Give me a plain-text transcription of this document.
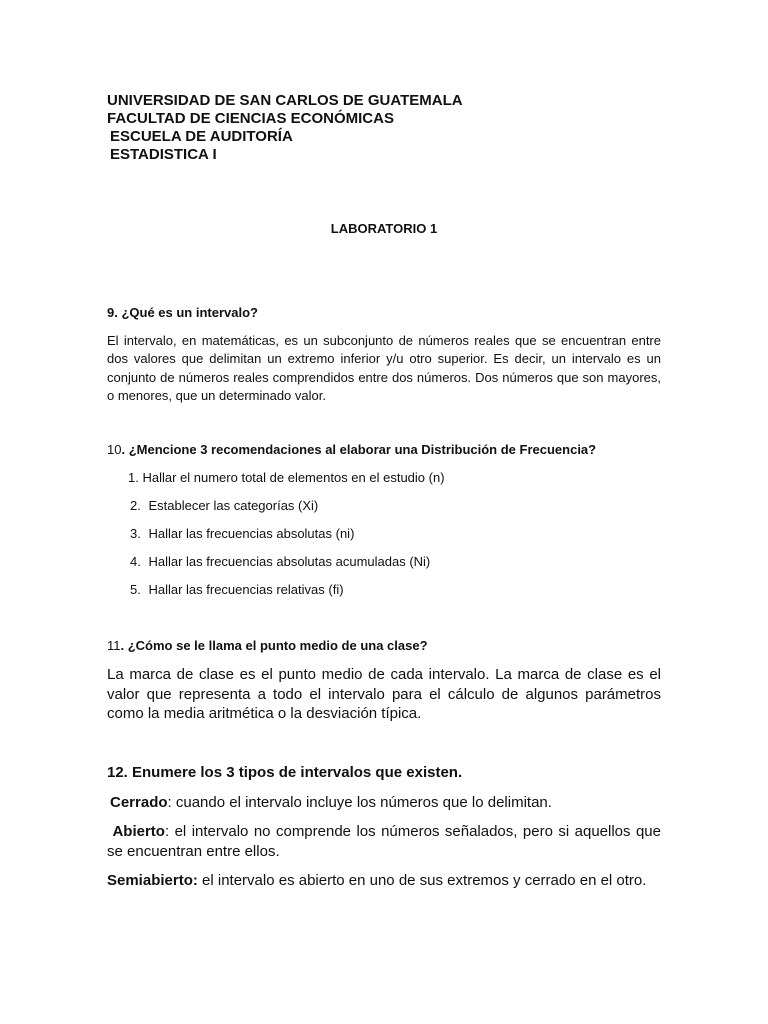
UNIVERSIDAD DE SAN CARLOS DE GUATEMALA
FACULTAD DE CIENCIAS ECONÓMICAS
ESCUELA DE AUDITORÍA
ESTADISTICA I
LABORATORIO 1
9. ¿Qué es un intervalo?
El intervalo, en matemáticas, es un subconjunto de números reales que se encuentran entre dos valores que delimitan un extremo inferior y/u otro superior. Es decir, un intervalo es un conjunto de números reales comprendidos entre dos números. Dos números que son mayores, o menores, que un determinado valor.
10. ¿Mencione 3 recomendaciones al elaborar una Distribución de Frecuencia?
1. Hallar el numero total de elementos en el estudio (n)
2. Establecer las categorías (Xi)
3. Hallar las frecuencias absolutas (ni)
4. Hallar las frecuencias absolutas acumuladas (Ni)
5. Hallar las frecuencias relativas (fi)
11. ¿Cómo se le llama el punto medio de una clase?
La marca de clase es el punto medio de cada intervalo. La marca de clase es el valor que representa a todo el intervalo para el cálculo de algunos parámetros como la media aritmética o la desviación típica.
12. Enumere los 3 tipos de intervalos que existen.
Cerrado: cuando el intervalo incluye los números que lo delimitan.
Abierto: el intervalo no comprende los números señalados, pero si aquellos que se encuentran entre ellos.
Semiabierto: el intervalo es abierto en uno de sus extremos y cerrado en el otro.
